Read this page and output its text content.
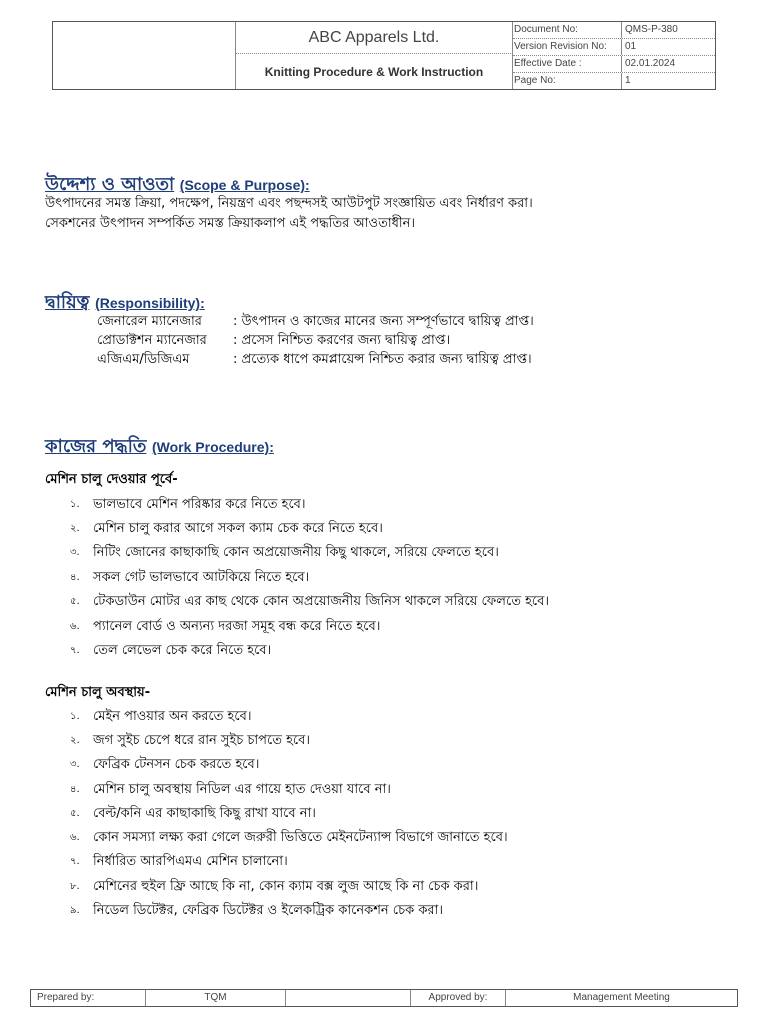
ABC Apparels Ltd.
Knitting Procedure & Work Instruction
Document No:	QMS-P-380
Version Revision No:	01
Effective Date :	02.01.2024
Page No:	1
উদ্দেশ্য ও আওতা (Scope & Purpose):
উৎপাদনের সমস্ত ক্রিয়া, পদক্ষেপ, নিয়ন্ত্রণ এবং পছন্দসই আউটপুট সংজ্ঞায়িত এবং নির্ধারণ করা।
সেকশনের উৎপাদন সম্পর্কিত সমস্ত ক্রিয়াকলাপ এই পদ্ধতির আওতাধীন।
দ্বায়িত্ব (Responsibility):
জেনারেল ম্যানেজার : উৎপাদন ও কাজের মানের জন্য সম্পূর্ণভাবে দ্বায়িত্ব প্রাপ্ত।
প্রোডাক্টশন ম্যানেজার : প্রসেস নিশ্চিত করণের জন্য দ্বায়িত্ব প্রাপ্ত।
এজিএম/ডিজিএম	: প্রত্যেক ধাপে কমপ্লায়েন্স নিশ্চিত করার জন্য দ্বায়িত্ব প্রাপ্ত।
কাজের পদ্ধতি (Work Procedure):
মেশিন চালু দেওয়ার পূর্বে-
১. ভালভাবে মেশিন পরিষ্কার করে নিতে হবে।
২. মেশিন চালু করার আগে সকল ক্যাম চেক করে নিতে হবে।
৩. নিটিং জোনের কাছাকাছি কোন অপ্রয়োজনীয় কিছু থাকলে, সরিয়ে ফেলতে হবে।
৪. সকল গেট ভালভাবে আটকিয়ে নিতে হবে।
৫. টেকডাউন মোটর এর কাছ থেকে কোন অপ্রয়োজনীয় জিনিস থাকলে সরিয়ে ফেলতে হবে।
৬. প্যানেল বোর্ড ও অন্যন্য দরজা সমূহ বন্ধ করে নিতে হবে।
৭. তেল লেভেল চেক করে নিতে হবে।
মেশিন চালু অবস্থায়-
১. মেইন পাওয়ার অন করতে হবে।
২. জগ সুইচ চেপে ধরে রান সুইচ চাপতে হবে।
৩. ফেব্রিক টেনসন চেক করতে হবে।
৪. মেশিন চালু অবস্থায় নিডিল এর গায়ে হাত দেওয়া যাবে না।
৫. বেল্ট/কনি এর কাছাকাছি কিছু রাখা যাবে না।
৬. কোন সমস্যা লক্ষ্য করা গেলে জরুরী ভিত্তিতে মেইনটেন্যান্স বিভাগে জানাতে হবে।
৭. নির্ধারিত আরপিএমএ মেশিন চালানো।
৮. মেশিনের হুইল ফ্রি আছে কি না, কোন ক্যাম বক্স লুজ আছে কি না চেক করা।
৯. নিডেল ডিটেক্টর, ফেব্রিক ডিটেক্টর ও ইলেকট্রিক কানেকশন চেক করা।
Prepared by:	TQM	Approved by:	Management Meeting
